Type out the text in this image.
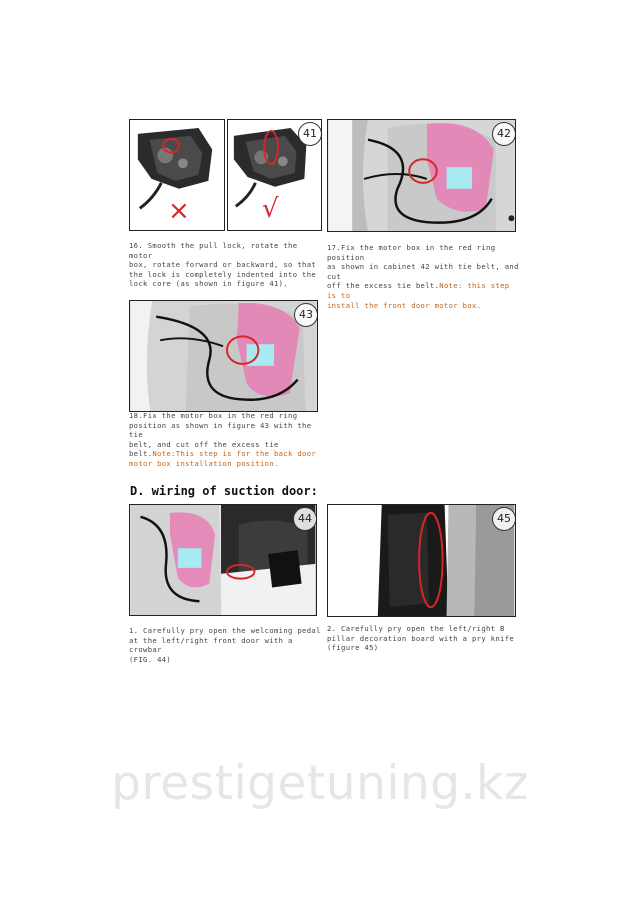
×
41
√
42
16. Smooth the pull lock, rotate the motor
box, rotate forward or backward, so that
the lock is completely indented into the
lock core (as shown in figure 41).
17.Fix the motor box in the red ring position
as shown in cabinet 42 with tie belt, and cut
off the excess tie belt.Note: this step is to
install the front door motor box.
43
18.Fix the motor box in the red ring
position as shown in figure 43 with the tie
belt, and cut off the excess tie
belt.Note:This step is for the back door
motor box installation position.
D. wiring of suction door:
44	45
1. Carefully pry open the welcoming pedal
at the left/right front door with a crowbar
(FIG. 44)
2. Carefully pry open the left/right B
pillar decoration board with a pry knife
(figure 45)
prestigetuning.kz
